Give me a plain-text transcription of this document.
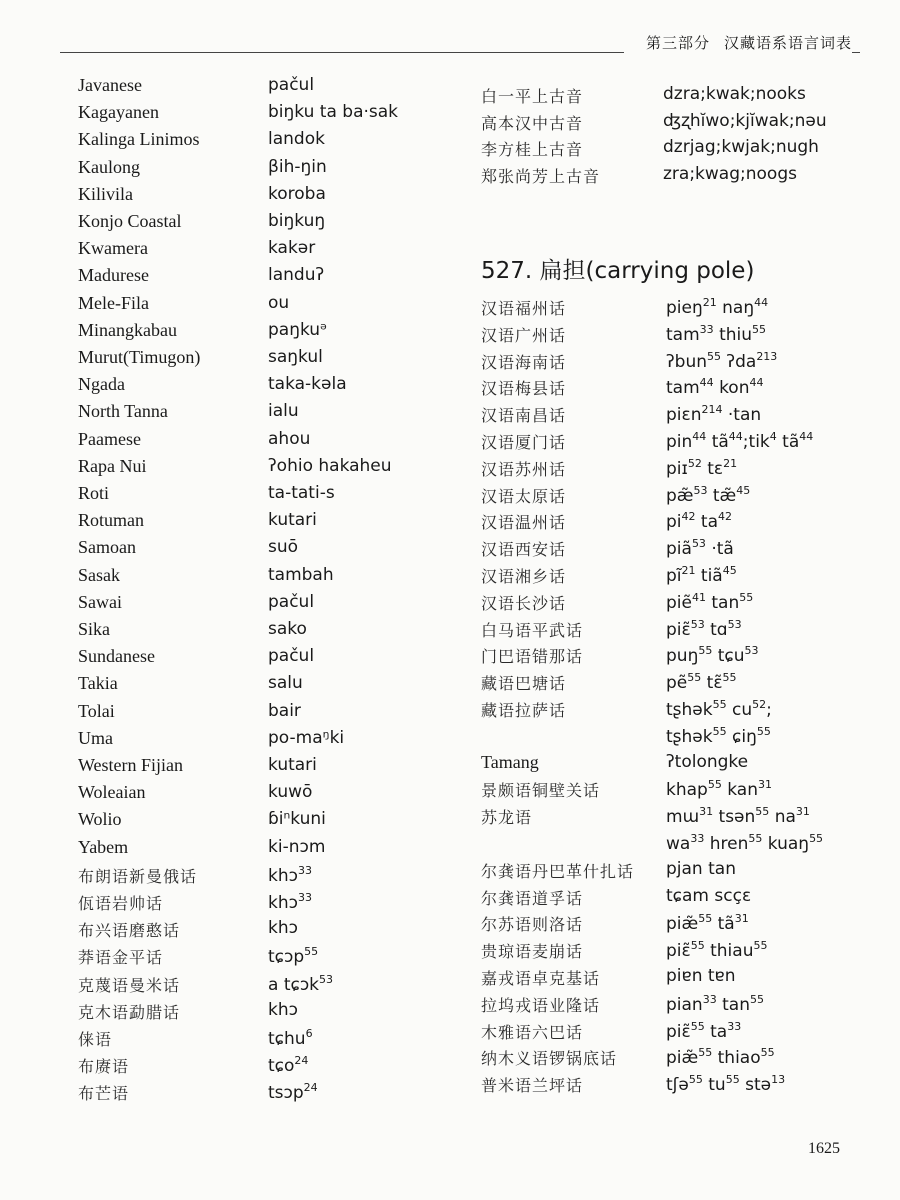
第三部分 汉藏语系语言词表
Javanese	pačul
Kagayanen	biŋku ta ba·sak
Kalinga Linimos	landok
Kaulong	βih-ŋin
Kilivila	koroba
Konjo Coastal	biŋkuŋ
Kwamera	kakər
Madurese	landuʔ
Mele-Fila	ou
Minangkabau	paŋkuᵊ
Murut(Timugon)	saŋkul
Ngada	taka-kəla
North Tanna	ialu
Paamese	ahou
Rapa Nui	ʔohio hakaheu
Roti	ta-tati-s
Rotuman	kutari
Samoan	suō
Sasak	tambah
Sawai	pačul
Sika	sako
Sundanese	pačul
Takia	salu
Tolai	bair
Uma	po-maᵑki
Western Fijian	kutari
Woleaian	kuwō
Wolio	ɓiⁿkuni
Yabem	ki-nɔm
布朗语新曼俄话	khɔ$^{33}$
佤语岩帅话	khɔ$^{33}$
布兴语磨憨话	khɔ
莽语金平话	tɕɔp$^{55}$
克蔑语曼米话	a tɕɔk$^{53}$
克木语勐腊话	khɔ
俫语	tɕhu$^6$
布赓语	tɕo$^{24}$
布芒语	tsɔp$^{24}$
白一平上古音	dzra;kwak;nooks
高本汉中古音	ʤʐhĭwo;kjĭwak;nǝu
李方桂上古音	dzrjag;kwjak;nugh
郑张尚芳上古音	zra;kwag;noogs
527. 扁担(carrying pole)
汉语福州话	pieŋ$^{21}$ naŋ$^{44}$
汉语广州话	tam$^{33}$ thiu$^{55}$
汉语海南话	ʔbun$^{55}$ ʔda$^{213}$
汉语梅县话	tam$^{44}$ kon$^{44}$
汉语南昌话	piɛn$^{214}$ ·tan
汉语厦门话	pin$^{44}$ $tã^{44};tik^4$ $tã^{44}$
汉语苏州话	piɪ$^{52}$ tɛ$^{21}$
汉语太原话	pæ̃$^{53}$ tæ̃$^{45}$
汉语温州话	$pi^{42}$ $ta^{42}$
汉语西安话	piã$^{53}$ ·tã
汉语湘乡话	$pĩ^{21}$ tiã$^{45}$
汉语长沙话	piẽ$^{41}$ $\tan^{55}$
白马语平武话	piɛ̃$^{53}$ tɑ$^{53}$
门巴语错那话	puŋ$^{55}$ tɕu$^{53}$
藏语巴塘话	pẽ$^{55}$ tɛ̃$^{55}$
藏语拉萨话	tʂhək$^{55}$ $cu^{52}$;
tʂhək$^{55}$ ɕiŋ$^{55}$
Tamang	ʔtolongke
景颇语铜壁关话	khap$^{55}$ kan$^{31}$
苏龙语	mɯ$^{31}$ tsən$^{55}$ $na^{31}$
$wa^{33}$ hren$^{55}$ kuaŋ$^{55}$
尔龚语丹巴革什扎话 pjan tan
尔龚语道孚话	tɕam scçɛ
尔苏语则洛话	piæ̃$^{55}$ $tã^{31}$
贵琼语麦崩话	piɛ̃$^{55}$ thiau$^{55}$
嘉戎语卓克基话	piɐn tɐn
拉坞戎语业隆话	pian$^{33}$ $\tan^{55}$
木雅语六巴话	piɛ̃$^{55}$ $ta^{33}$
纳木义语锣锅底话	piæ̃$^{55}$ thiao$^{55}$
普米语兰坪话	tʃə$^{55}$ $tu^{55}$ stə$^{13}$
1625
